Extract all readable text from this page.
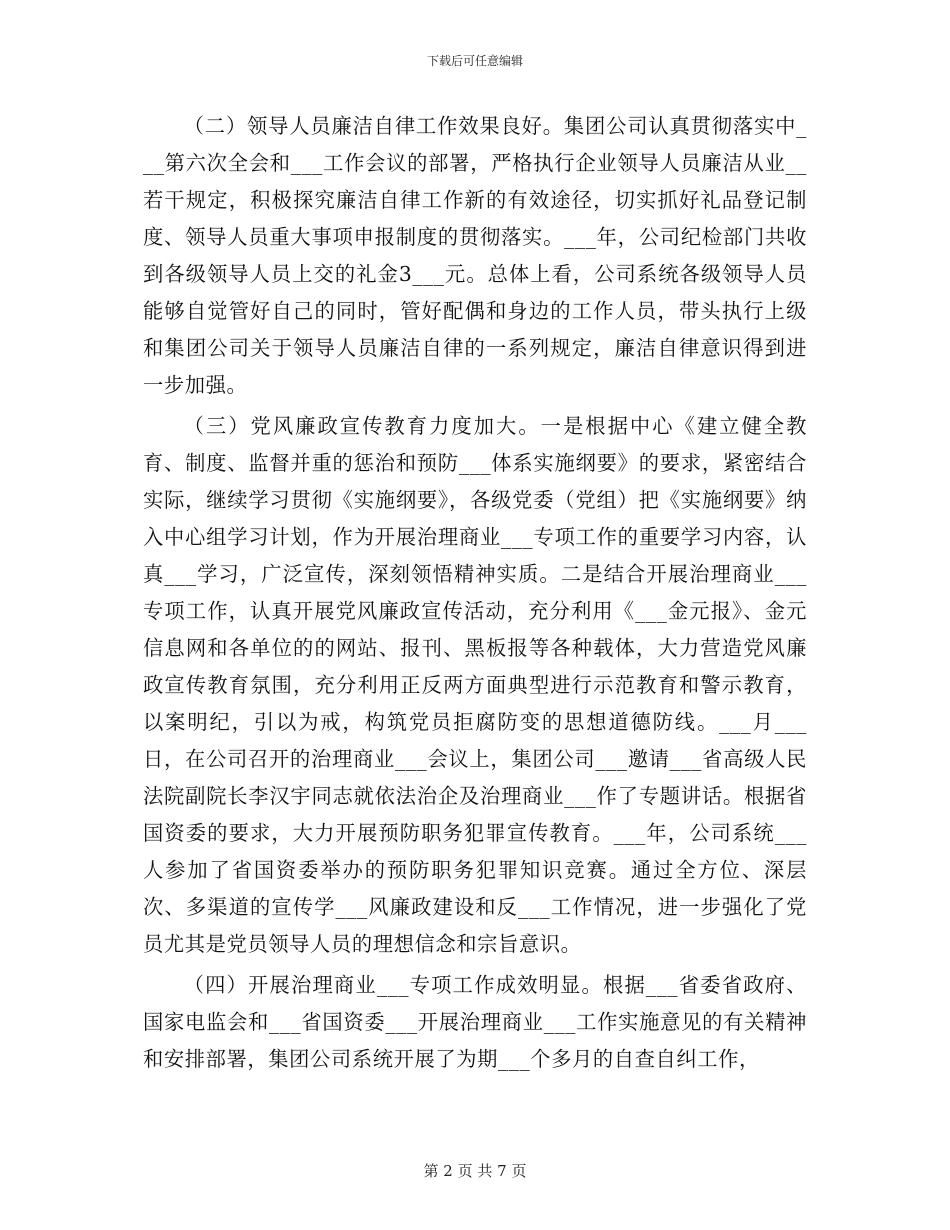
下载后可任意编辑

（二）领导人员廉洁自律工作效果良好。集团公司认真贯彻落实中___第六次全会和___工作会议的部署，严格执行企业领导人员廉洁从业__若干规定，积极探究廉洁自律工作新的有效途径，切实抓好礼品登记制度、领导人员重大事项申报制度的贯彻落实。___年，公司纪检部门共收到各级领导人员上交的礼金3___元。总体上看，公司系统各级领导人员能够自觉管好自己的同时，管好配偶和身边的工作人员，带头执行上级和集团公司关于领导人员廉洁自律的一系列规定，廉洁自律意识得到进一步加强。

（三）党风廉政宣传教育力度加大。一是根据中心《建立健全教育、制度、监督并重的惩治和预防___体系实施纲要》的要求，紧密结合实际，继续学习贯彻《实施纲要》，各级党委（党组）把《实施纲要》纳入中心组学习计划，作为开展治理商业___专项工作的重要学习内容，认真___学习，广泛宣传，深刻领悟精神实质。二是结合开展治理商业___专项工作，认真开展党风廉政宣传活动，充分利用《___金元报》、金元信息网和各单位的的网站、报刊、黑板报等各种载体，大力营造党风廉政宣传教育氛围，充分利用正反两方面典型进行示范教育和警示教育，以案明纪，引以为戒，构筑党员拒腐防变的思想道德防线。___月___日，在公司召开的治理商业___会议上，集团公司___邀请___省高级人民法院副院长李汉宇同志就依法治企及治理商业___作了专题讲话。根据省国资委的要求，大力开展预防职务犯罪宣传教育。___年，公司系统___人参加了省国资委举办的预防职务犯罪知识竞赛。通过全方位、深层次、多渠道的宣传学___风廉政建设和反___工作情况，进一步强化了党员尤其是党员领导人员的理想信念和宗旨意识。

（四）开展治理商业___专项工作成效明显。根据___省委省政府、国家电监会和___省国资委___开展治理商业___工作实施意见的有关精神和安排部署，集团公司系统开展了为期___个多月的自查自纠工作，

第 2 页 共 7 页
